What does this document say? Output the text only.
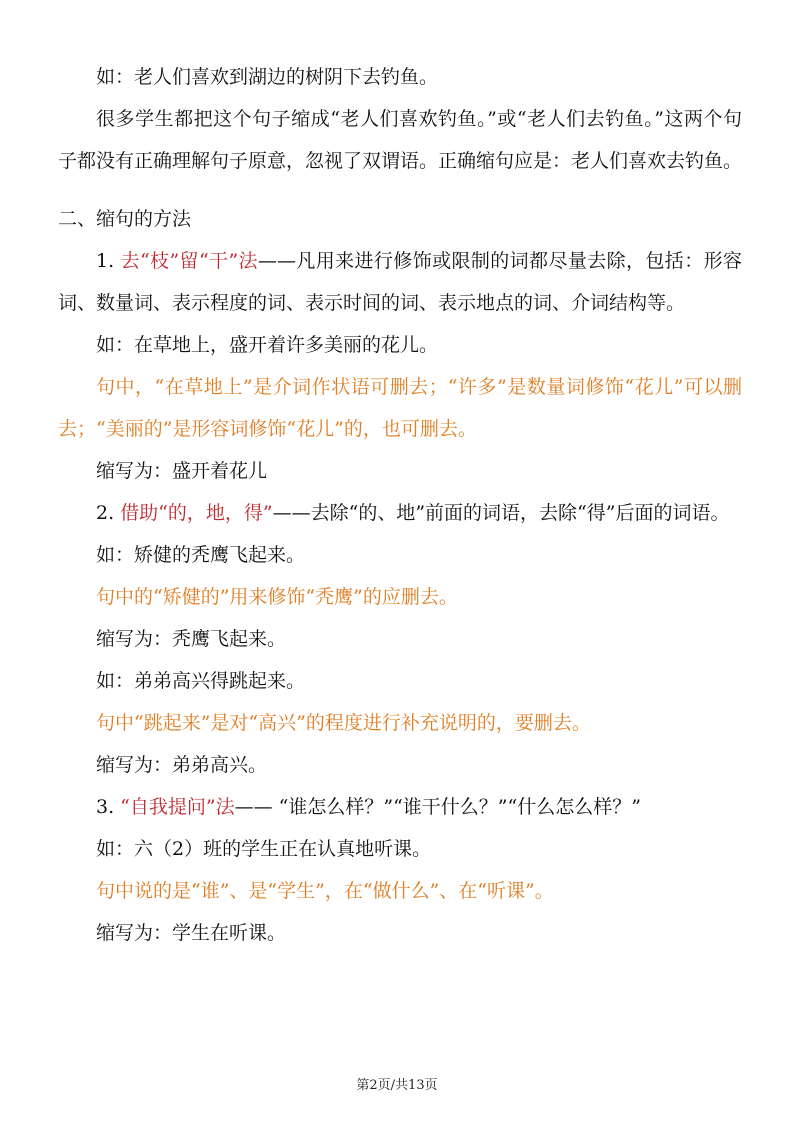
如：老人们喜欢到湖边的树阴下去钓鱼。
很多学生都把这个句子缩成“老人们喜欢钓鱼。”或“老人们去钓鱼。”这两个句子都没有正确理解句子原意，忽视了双谓语。正确缩句应是：老人们喜欢去钓鱼。
二、缩句的方法
1. 去“枝”留“干”法——凡用来进行修饰或限制的词都尽量去除，包括：形容词、数量词、表示程度的词、表示时间的词、表示地点的词、介词结构等。
如：在草地上，盛开着许多美丽的花儿。
句中，“在草地上”是介词作状语可删去；“许多”是数量词修饰“花儿”可以删去；“美丽的”是形容词修饰“花儿”的，也可删去。
缩写为：盛开着花儿
2. 借助“的，地，得”——去除“的、地”前面的词语，去除“得”后面的词语。
如：矫健的秃鹰飞起来。
句中的“矫健的”用来修饰“秃鹰”的应删去。
缩写为：秃鹰飞起来。
如：弟弟高兴得跳起来。
句中“跳起来”是对“高兴”的程度进行补充说明的，要删去。
缩写为：弟弟高兴。
3. “自我提问”法—— “谁怎么样？”“谁干什么？”“什么怎么样？”
如：六（2）班的学生正在认真地听课。
句中说的是“谁”、是“学生”，在“做什么”、在“听课”。
缩写为：学生在听课。
第2页/共13页
